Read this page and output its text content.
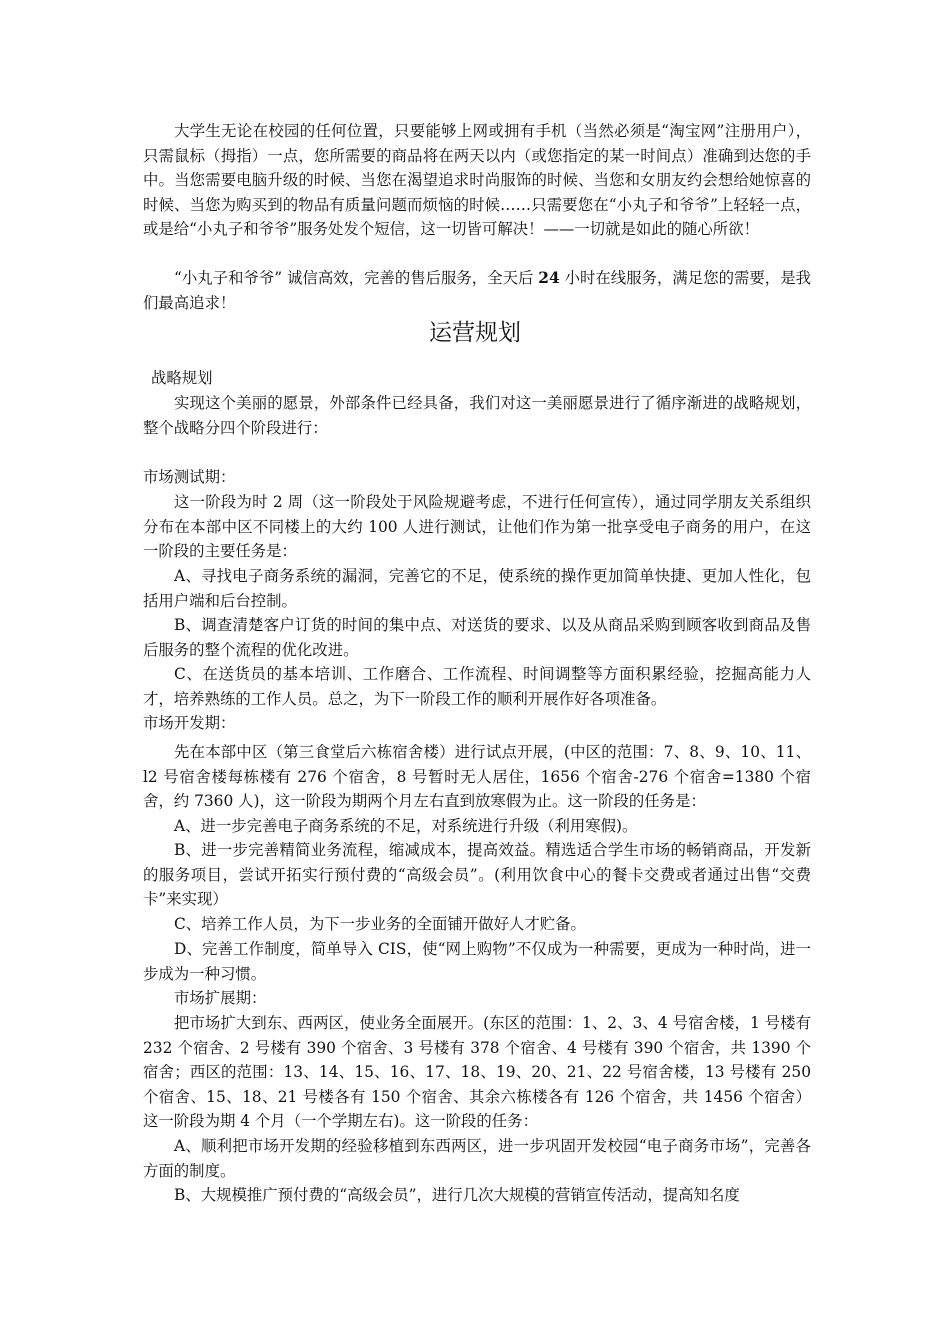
大学生无论在校园的任何位置，只要能够上网或拥有手机（当然必须是“淘宝网”注册用户），只需鼠标（拇指）一点，您所需要的商品将在两天以内（或您指定的某一时间点）准确到达您的手中。当您需要电脑升级的时候、当您在渴望追求时尚服饰的时候、当您和女朋友约会想给她惊喜的时候、当您为购买到的物品有质量问题而烦恼的时候……只需要您在“小丸子和爷爷”上轻轻一点，或是给“小丸子和爷爷”服务处发个短信，这一切皆可解决！——一切就是如此的随心所欲！

“小丸子和爷爷” 诚信高效，完善的售后服务，全天后 24 小时在线服务，满足您的需要，是我们最高追求！

运营规划

战略规划

实现这个美丽的愿景，外部条件已经具备，我们对这一美丽愿景进行了循序渐进的战略规划，整个战略分四个阶段进行：

市场测试期：

这一阶段为时 2 周（这一阶段处于风险规避考虑，不进行任何宣传），通过同学朋友关系组织分布在本部中区不同楼上的大约 100 人进行测试，让他们作为第一批享受电子商务的用户，在这一阶段的主要任务是：

A、寻找电子商务系统的漏洞，完善它的不足，使系统的操作更加简单快捷、更加人性化，包括用户端和后台控制。

B、调查清楚客户订货的时间的集中点、对送货的要求、以及从商品采购到顾客收到商品及售后服务的整个流程的优化改进。

C、在送货员的基本培训、工作磨合、工作流程、时间调整等方面积累经验，挖掘高能力人才，培养熟练的工作人员。总之，为下一阶段工作的顺利开展作好各项准备。

市场开发期：

先在本部中区（第三食堂后六栋宿舍楼）进行试点开展，(中区的范围：7、8、9、10、11、l2 号宿舍楼每栋楼有 276 个宿舍，8 号暂时无人居住，1656 个宿舍-276 个宿舍=1380 个宿舍，约 7360 人)，这一阶段为期两个月左右直到放寒假为止。这一阶段的任务是：

A、进一步完善电子商务系统的不足，对系统进行升级（利用寒假)。

B、进一步完善精简业务流程，缩减成本，提高效益。精选适合学生市场的畅销商品，开发新的服务项目，尝试开拓实行预付费的“高级会员”。(利用饮食中心的餐卡交费或者通过出售“交费卡”来实现）

C、培养工作人员，为下一步业务的全面铺开做好人才贮备。

D、完善工作制度，简单导入 CIS，使“网上购物”不仅成为一种需要，更成为一种时尚，进一步成为一种习惯。

市场扩展期：

把市场扩大到东、西两区，使业务全面展开。(东区的范围：1、2、3、4 号宿舍楼，1 号楼有 232 个宿舍、2 号楼有 390 个宿舍、3 号楼有 378 个宿舍、4 号楼有 390 个宿舍，共 1390 个宿舍；西区的范围：13、14、15、16、17、18、19、20、21、22 号宿舍楼，13 号楼有 250 个宿舍、15、18、21 号楼各有 150 个宿舍、其余六栋楼各有 126 个宿舍，共 1456 个宿舍）这一阶段为期 4 个月（一个学期左右)。这一阶段的任务：

A、顺利把市场开发期的经验移植到东西两区，进一步巩固开发校园“电子商务市场”，完善各方面的制度。

B、大规模推广预付费的“高级会员”，进行几次大规模的营销宣传活动，提高知名度
